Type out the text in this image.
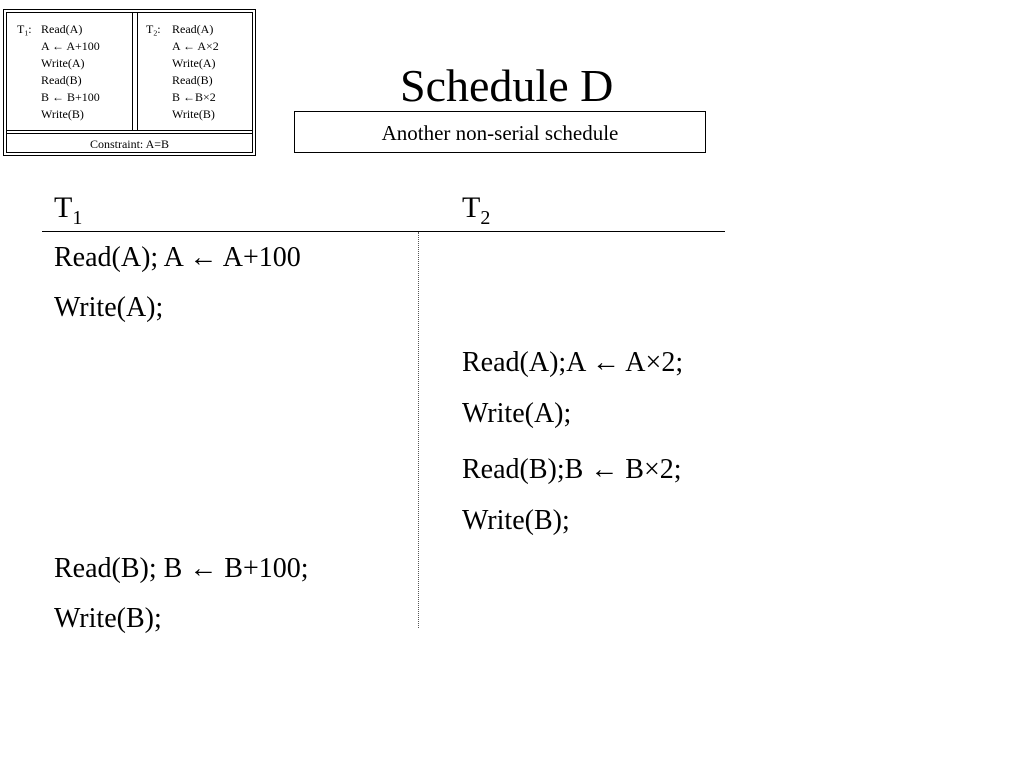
$T_1$: Read(A)
A ← A+100
Write(A)
Read(B)
B ← B+100
Write(B)
$T_2$: Read(A)
A ← A×2
Write(A)
Read(B)
B ←B×2
Write(B)
Constraint: A=B
Schedule D
Another non-serial schedule
$T_1$	$T_2$
Read(A); A ← A+100
Write(A);
Read(B); B ← B+100;
Write(B);
Read(A);A ← A×2;
Write(A);
Read(B);B ← B×2;
Write(B);
